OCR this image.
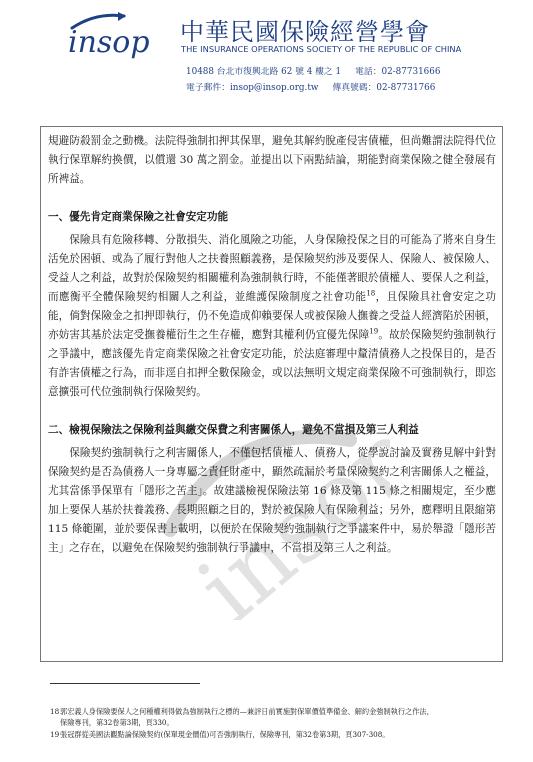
insop 中華民國保險經營學會
THE INSURANCE OPERATIONS SOCIETY OF THE REPUBLIC OF CHINA
10488 台北市復興北路 62 號 4 樓之 1 電話：02-87731666
電子郵件：insop@insop.org.tw 傳真號碼：02-87731766
insop

規避防殺罰金之動機。法院得強制扣押其保單，避免其解約脫產侵害債權，但尚難謂法院得代位執行保單解約換價，以償還 30 萬之罰金。並提出以下兩點結論，期能對商業保險之健全發展有所裨益。

一、優先肯定商業保險之社會安定功能

保險具有危險移轉、分散損失、消化風險之功能，人身保險投保之目的可能為了將來自身生活免於困頓、或為了履行對他人之扶養照顧義務，是保險契約涉及要保人、保險人、被保險人、受益人之利益，故對於保險契約相關權利為強制執行時，不能僅著眼於債權人、要保人之利益，而應衡平全體保險契約相關人之利益，並維護保險制度之社會功能$^{18}$，且保險具社會安定之功能，倘對保險金之扣押即執行，仍不免造成仰賴要保人或被保險人撫養之受益人經濟陷於困頓，亦妨害其基於法定受撫養權衍生之生存權，應對其權利仍宜優先保障$^{19}$。故於保險契約強制執行之爭議中，應該優先肯定商業保險之社會安定功能，於法庭審理中釐清債務人之投保目的，是否有詐害債權之行為，而非逕自扣押全數保險金，或以法無明文規定商業保險不可強制執行，即恣意擴張可代位強制執行保險契約。

二、檢視保險法之保險利益與繳交保費之利害關係人，避免不當損及第三人利益

保險契約強制執行之利害關係人，不僅包括債權人、債務人，從學說討論及實務見解中針對保險契約是否為債務人一身專屬之責任財產中，顯然疏漏於考量保險契約之利害關係人之權益，尤其當係爭保單有「隱形之苦主」。故建議檢視保險法第 16 條及第 115 條之相關規定，至少應加上要保人基於扶養義務、長期照顧之目的，對於被保險人有保險利益；另外，應釋明且限縮第 115 條範圍，並於要保書上載明，以便於在保險契約強制執行之爭議案件中，易於舉證「隱形苦主」之存在，以避免在保險契約強制執行爭議中，不當損及第三人之利益。

18郭宏義人身保險要保人之何種權利得做為強制執行之標的—兼評日前實施對保單價值準備金、解約金強制執行之作法，
保險專刊，第32卷第3期，頁330。

19張冠群從美國法觀點論保險契約(保單現金價值)可否強制執行，保險專刊，第32卷第3期，頁307-308。
